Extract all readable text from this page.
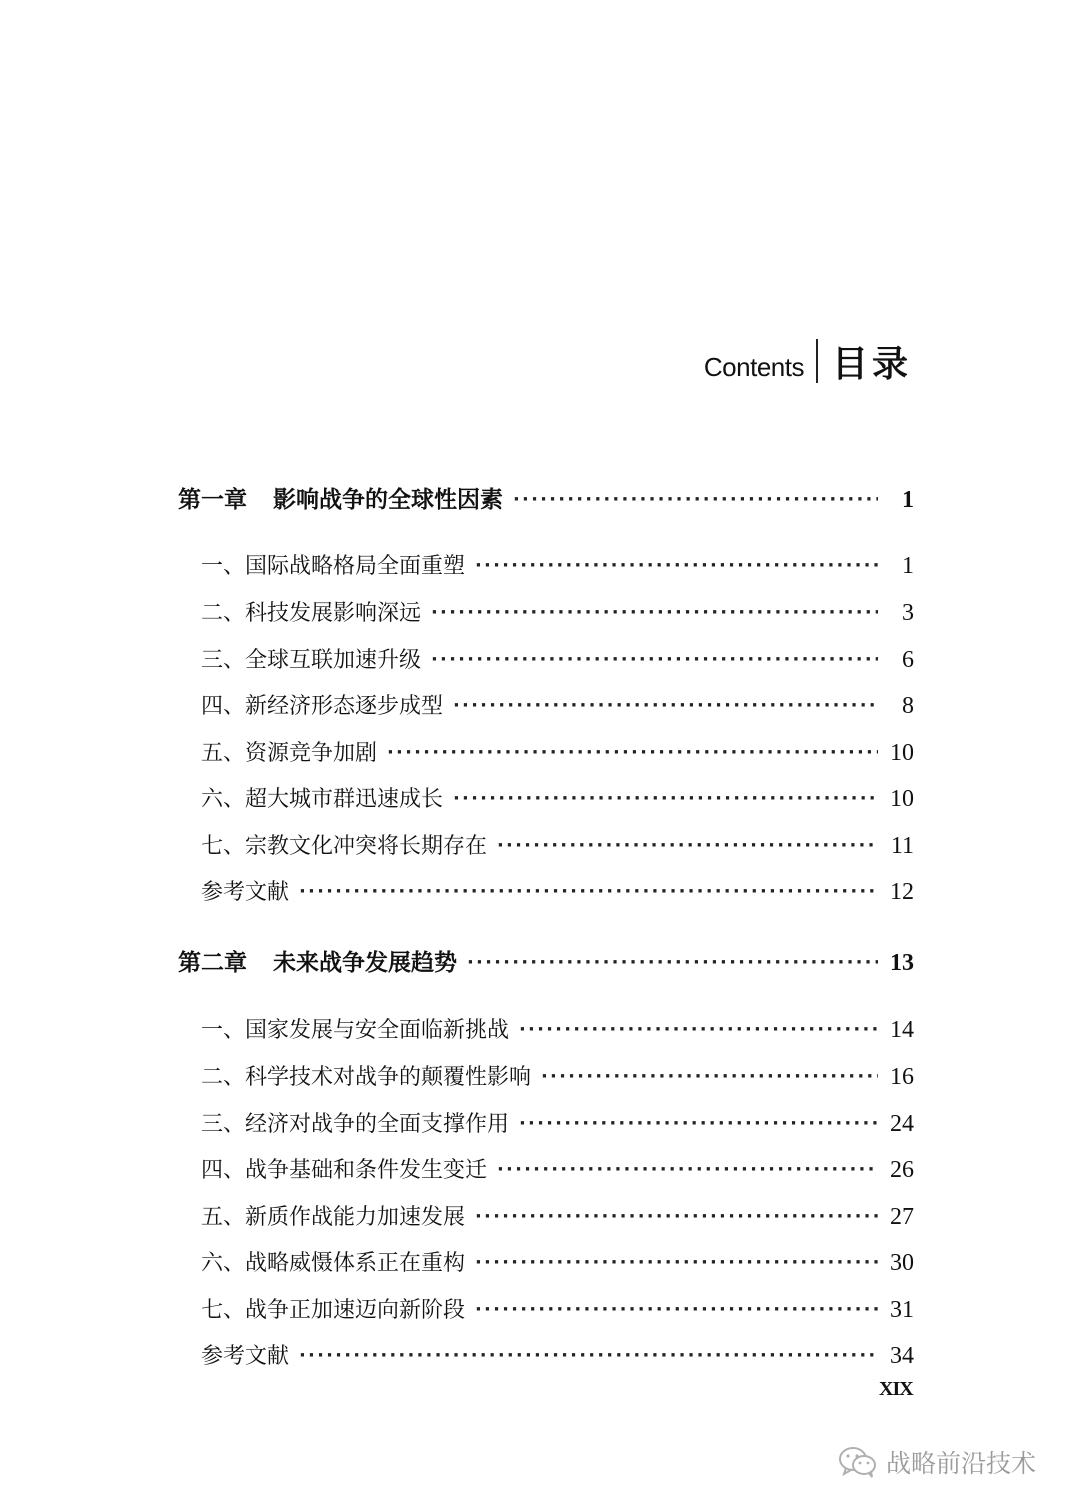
Contents 目录
第一章 影响战争的全球性因素 ·····	1
一、国际战略格局全面重塑 ·····	1
二、科技发展影响深远 ·····	3
三、全球互联加速升级 ·····	6
四、新经济形态逐步成型 ·····	8
五、资源竞争加剧 ·····	10
六、超大城市群迅速成长 ·····	10
七、宗教文化冲突将长期存在 ·····	11
参考文献 ·····	12
第二章 未来战争发展趋势 ·····	13
一、国家发展与安全面临新挑战 ·····	14
二、科学技术对战争的颠覆性影响 ·····	16
三、经济对战争的全面支撑作用 ·····	24
四、战争基础和条件发生变迁 ·····	26
五、新质作战能力加速发展 ·····	27
六、战略威慑体系正在重构 ·····	30
七、战争正加速迈向新阶段 ·····	31
参考文献 ·····	34
XIX
战略前沿技术
